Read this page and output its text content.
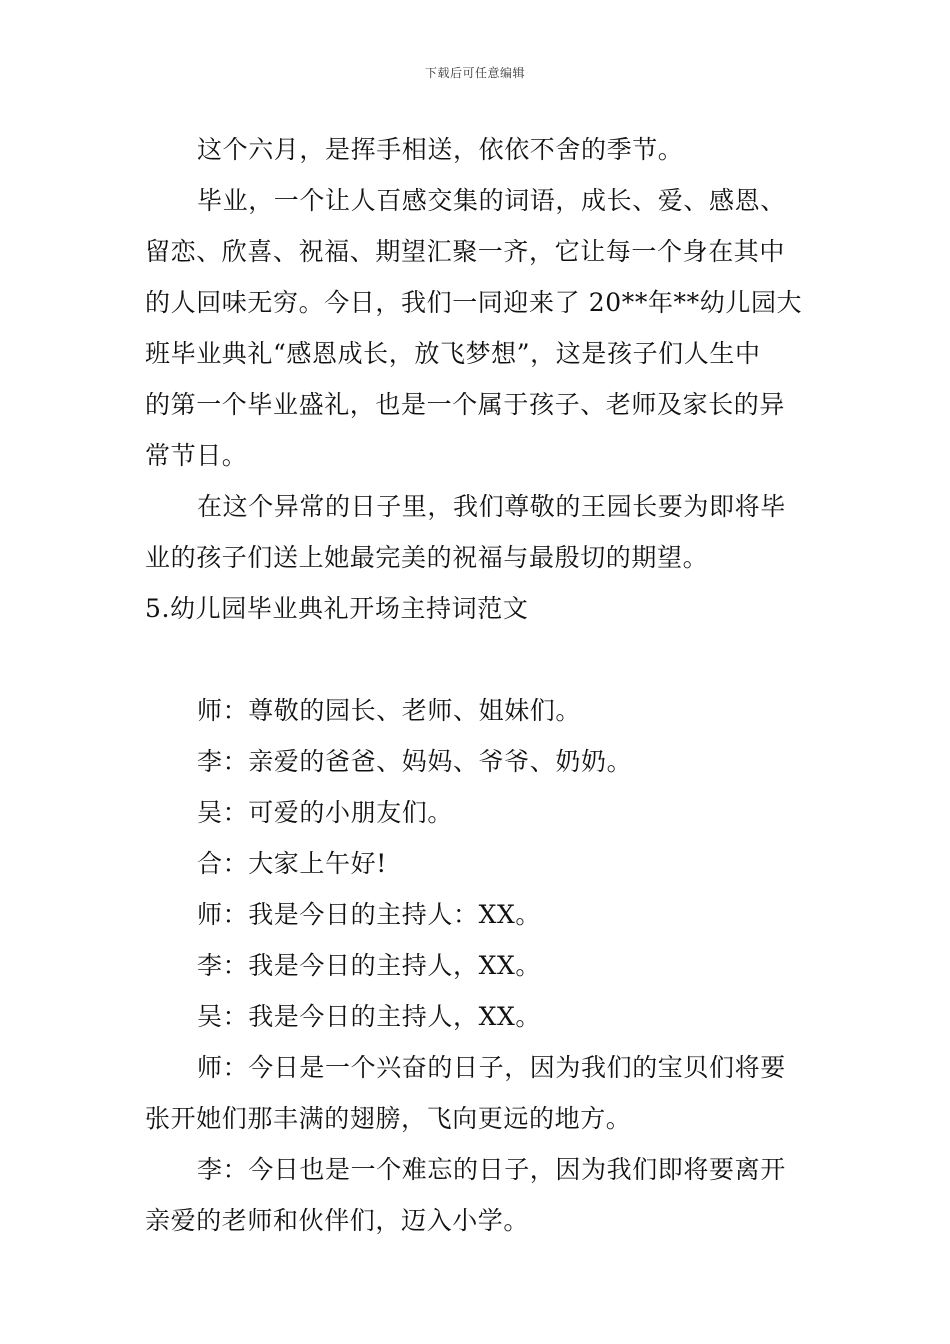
下载后可任意编辑

这个六月，是挥手相送，依依不舍的季节。

毕业，一个让人百感交集的词语，成长、爱、感恩、

留恋、欣喜、祝福、期望汇聚一齐，它让每一个身在其中

的人回味无穷。今日，我们一同迎来了 20**年**幼儿园大

班毕业典礼“感恩成长，放飞梦想”，这是孩子们人生中

的第一个毕业盛礼，也是一个属于孩子、老师及家长的异

常节日。

在这个异常的日子里，我们尊敬的王园长要为即将毕

业的孩子们送上她最完美的祝福与最殷切的期望。

5.幼儿园毕业典礼开场主持词范文

师：尊敬的园长、老师、姐妹们。

李：亲爱的爸爸、妈妈、爷爷、奶奶。

吴：可爱的小朋友们。

合：大家上午好!

师：我是今日的主持人：XX。

李：我是今日的主持人，XX。

吴：我是今日的主持人，XX。

师：今日是一个兴奋的日子，因为我们的宝贝们将要

张开她们那丰满的翅膀，飞向更远的地方。

李：今日也是一个难忘的日子，因为我们即将要离开

亲爱的老师和伙伴们，迈入小学。
